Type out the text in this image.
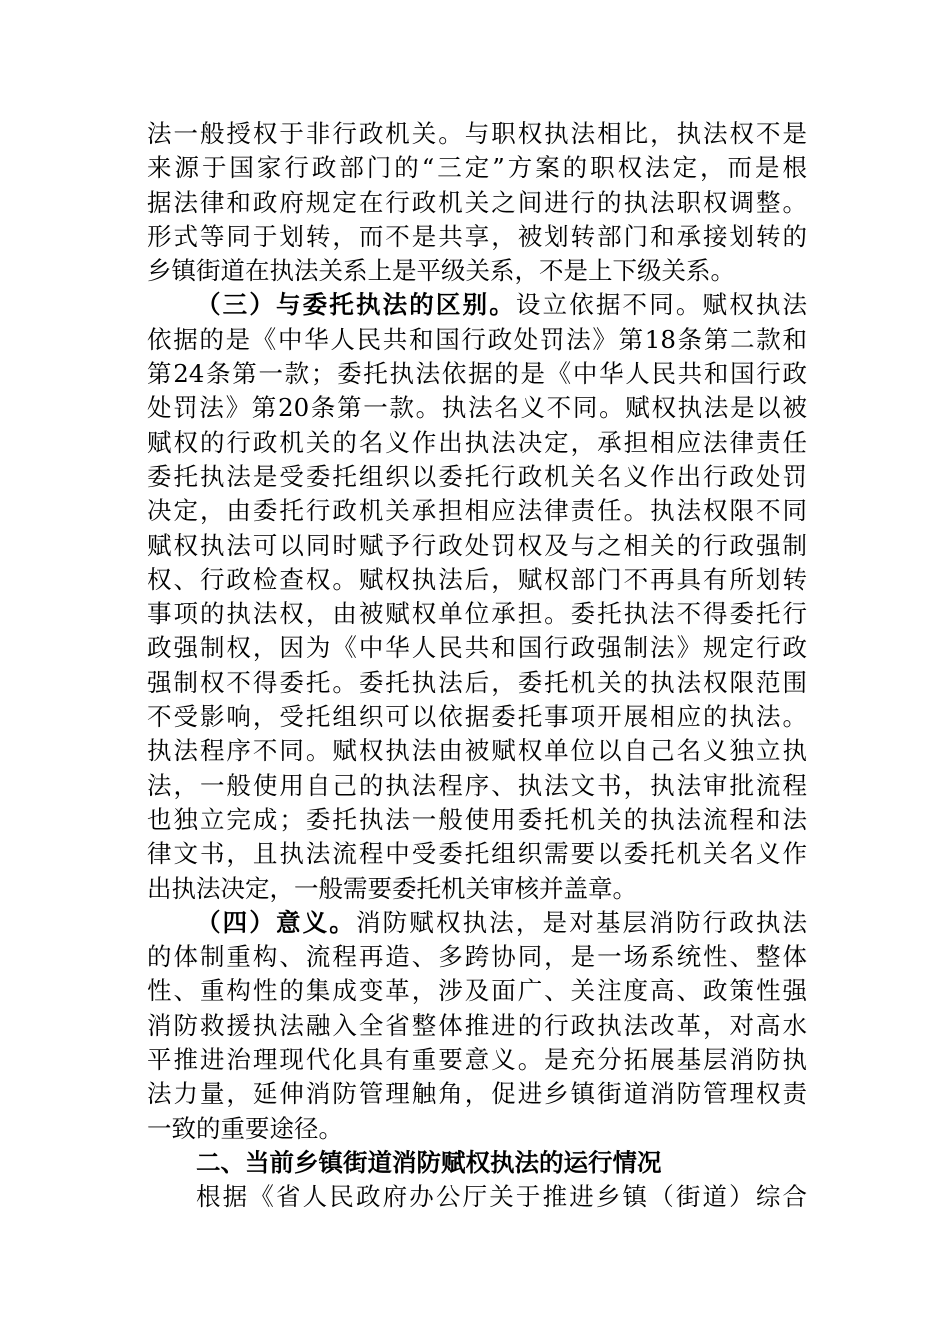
法一般授权于非行政机关。与职权执法相比，执法权不是
来源于国家行政部门的“三定”方案的职权法定，而是根
据法律和政府规定在行政机关之间进行的执法职权调整。
形式等同于划转，而不是共享，被划转部门和承接划转的
乡镇街道在执法关系上是平级关系，不是上下级关系。
（三）与委托执法的区别。设立依据不同。赋权执法
依据的是《中华人民共和国行政处罚法》第18条第二款和
第24条第一款；委托执法依据的是《中华人民共和国行政
处罚法》第20条第一款。执法名义不同。赋权执法是以被
赋权的行政机关的名义作出执法决定，承担相应法律责任
委托执法是受委托组织以委托行政机关名义作出行政处罚
决定，由委托行政机关承担相应法律责任。执法权限不同
赋权执法可以同时赋予行政处罚权及与之相关的行政强制
权、行政检查权。赋权执法后，赋权部门不再具有所划转
事项的执法权，由被赋权单位承担。委托执法不得委托行
政强制权，因为《中华人民共和国行政强制法》规定行政
强制权不得委托。委托执法后，委托机关的执法权限范围
不受影响，受托组织可以依据委托事项开展相应的执法。
执法程序不同。赋权执法由被赋权单位以自己名义独立执
法，一般使用自己的执法程序、执法文书，执法审批流程
也独立完成；委托执法一般使用委托机关的执法流程和法
律文书，且执法流程中受委托组织需要以委托机关名义作
出执法决定，一般需要委托机关审核并盖章。
（四）意义。消防赋权执法，是对基层消防行政执法
的体制重构、流程再造、多跨协同，是一场系统性、整体
性、重构性的集成变革，涉及面广、关注度高、政策性强
消防救援执法融入全省整体推进的行政执法改革，对高水
平推进治理现代化具有重要意义。是充分拓展基层消防执
法力量，延伸消防管理触角，促进乡镇街道消防管理权责
一致的重要途径。
二、当前乡镇街道消防赋权执法的运行情况
根据《省人民政府办公厅关于推进乡镇（街道）综合
